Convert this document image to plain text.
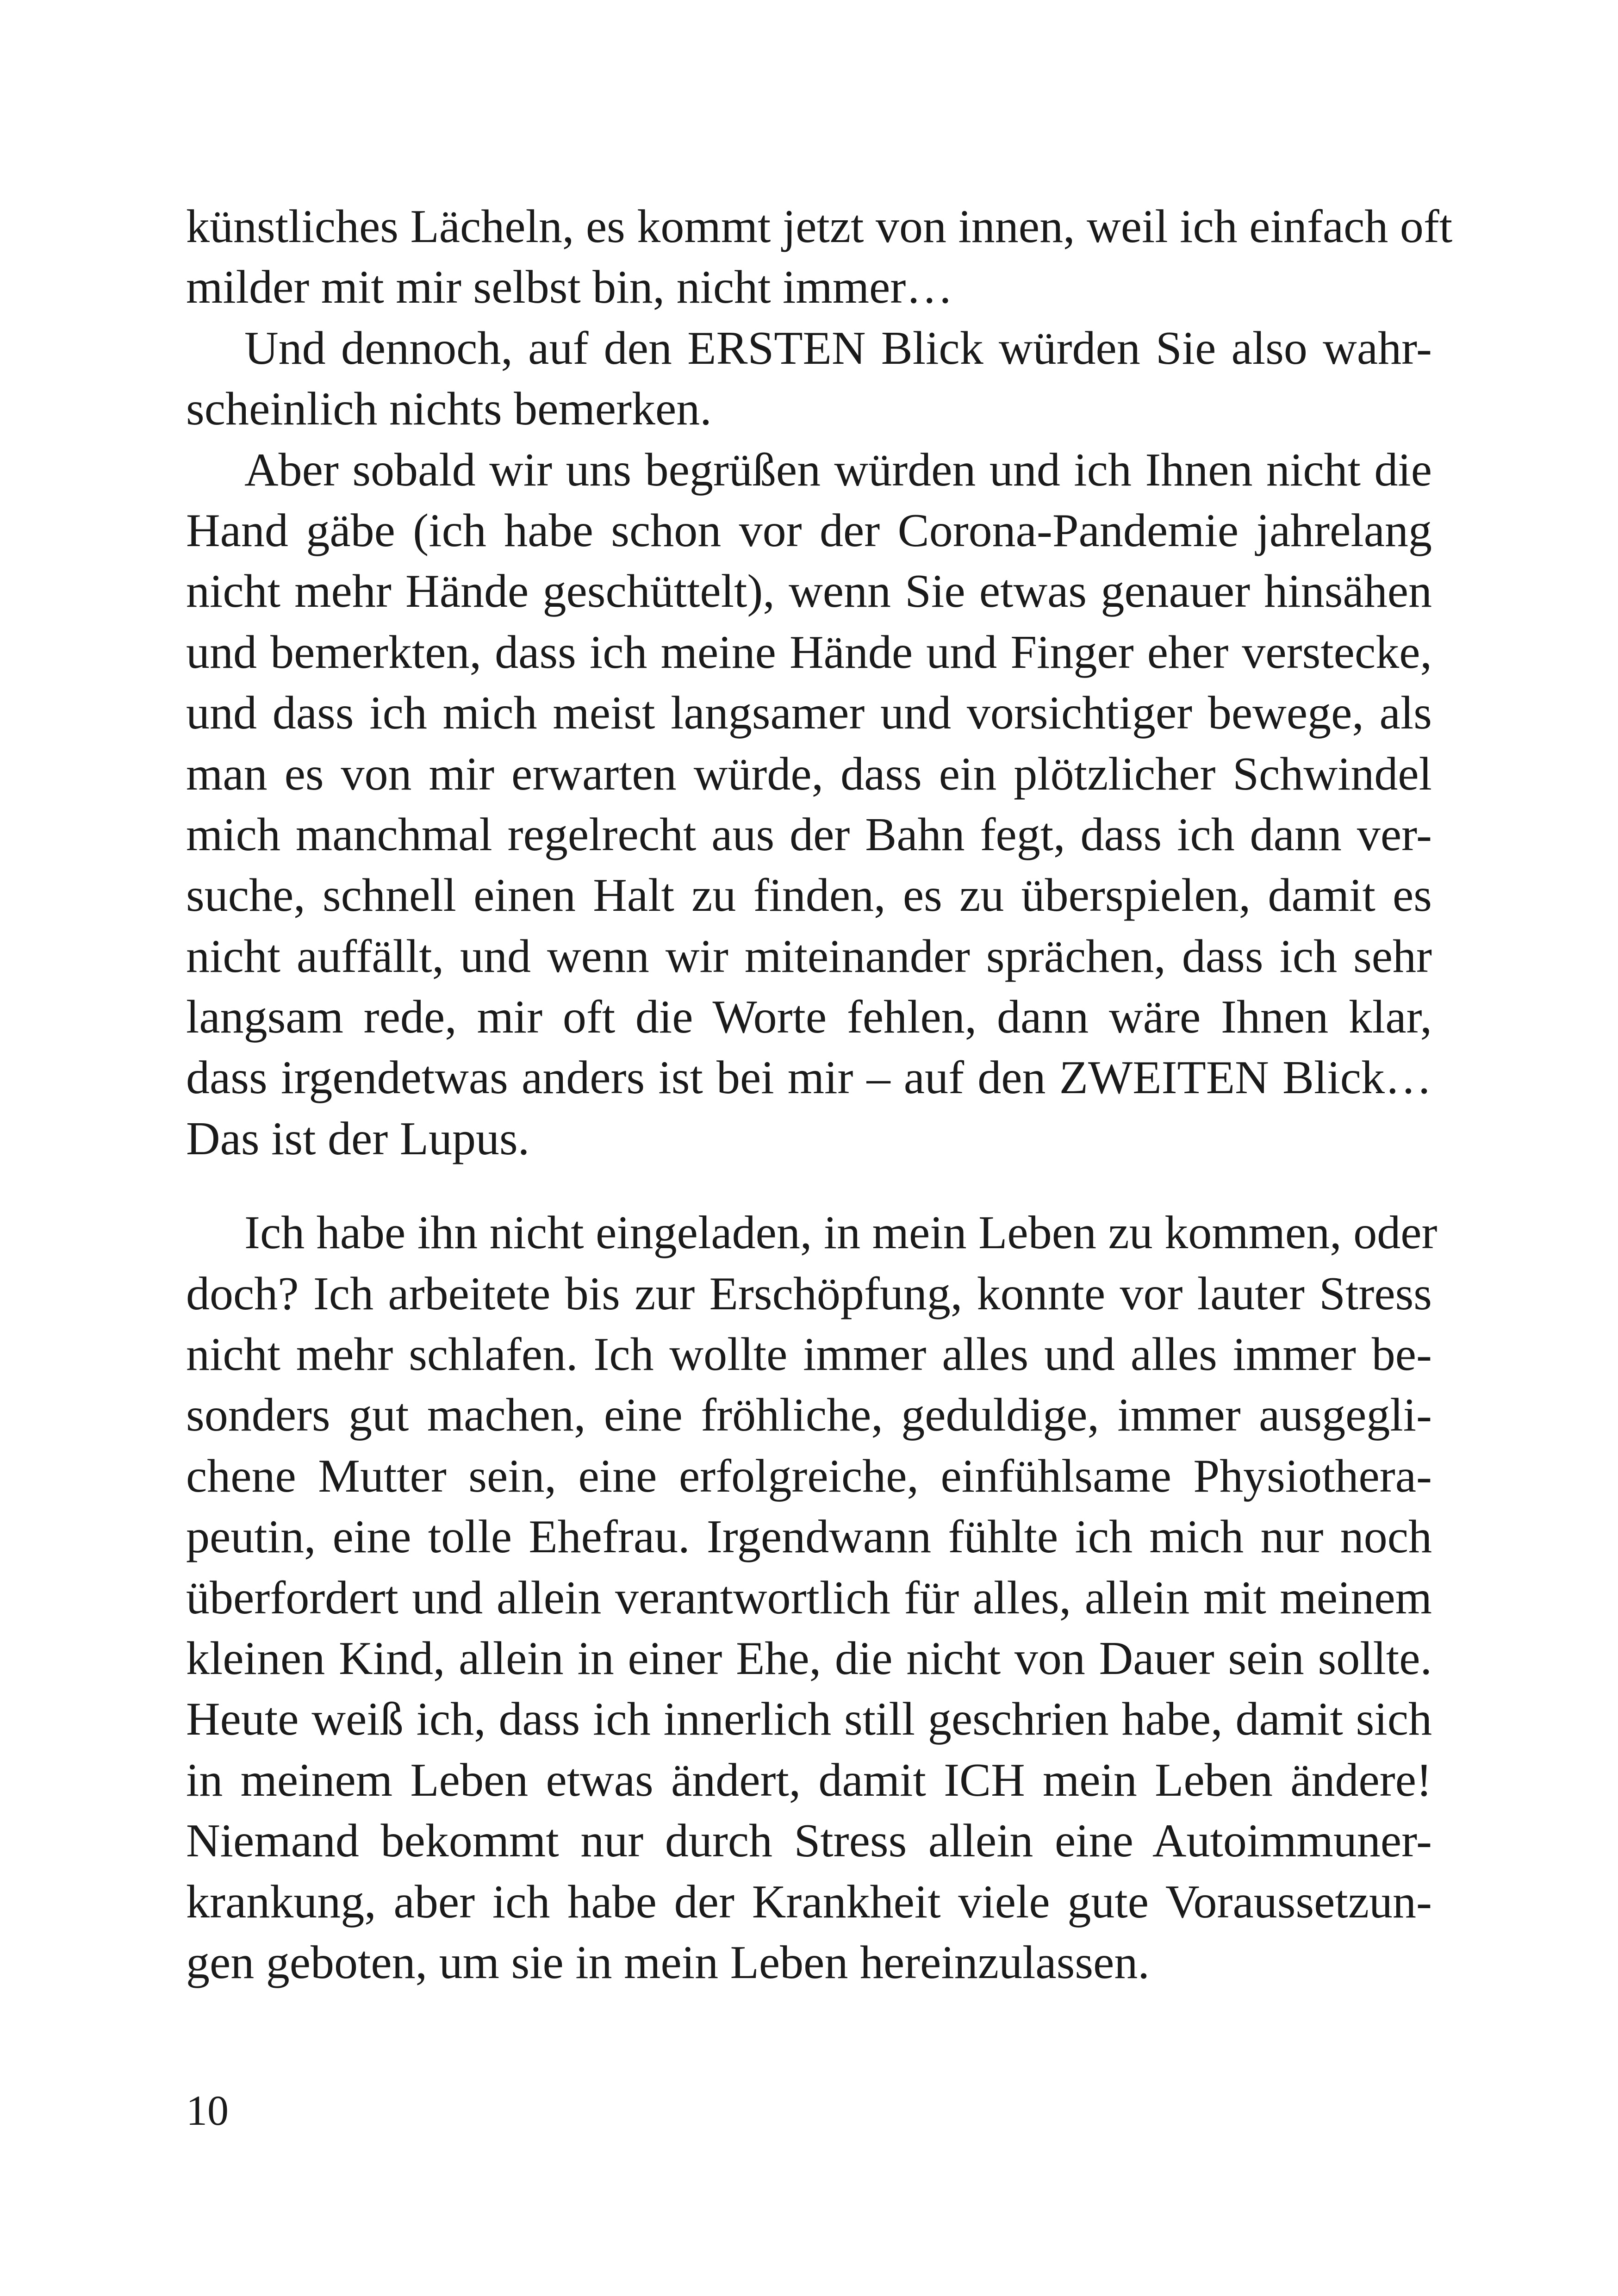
künstliches Lächeln, es kommt jetzt von innen, weil ich einfach oft
milder mit mir selbst bin, nicht immer…

Und dennoch, auf den ERSTEN Blick würden Sie also wahr-
scheinlich nichts bemerken.

Aber sobald wir uns begrüßen würden und ich Ihnen nicht die
Hand gäbe (ich habe schon vor der Corona-Pandemie jahrelang
nicht mehr Hände geschüttelt), wenn Sie etwas genauer hinsähen
und bemerkten, dass ich meine Hände und Finger eher verstecke,
und dass ich mich meist langsamer und vorsichtiger bewege, als
man es von mir erwarten würde, dass ein plötzlicher Schwindel
mich manchmal regelrecht aus der Bahn fegt, dass ich dann ver-
suche, schnell einen Halt zu finden, es zu überspielen, damit es
nicht auffällt, und wenn wir miteinander sprächen, dass ich sehr
langsam rede, mir oft die Worte fehlen, dann wäre Ihnen klar,
dass irgendetwas anders ist bei mir – auf den ZWEITEN Blick…
Das ist der Lupus.

Ich habe ihn nicht eingeladen, in mein Leben zu kommen, oder
doch? Ich arbeitete bis zur Erschöpfung, konnte vor lauter Stress
nicht mehr schlafen. Ich wollte immer alles und alles immer be-
sonders gut machen, eine fröhliche, geduldige, immer ausgegli-
chene Mutter sein, eine erfolgreiche, einfühlsame Physiothera-
peutin, eine tolle Ehefrau. Irgendwann fühlte ich mich nur noch
überfordert und allein verantwortlich für alles, allein mit meinem
kleinen Kind, allein in einer Ehe, die nicht von Dauer sein sollte.
Heute weiß ich, dass ich innerlich still geschrien habe, damit sich
in meinem Leben etwas ändert, damit ICH mein Leben ändere!
Niemand bekommt nur durch Stress allein eine Autoimmuner-
krankung, aber ich habe der Krankheit viele gute Voraussetzun-
gen geboten, um sie in mein Leben hereinzulassen.

10
